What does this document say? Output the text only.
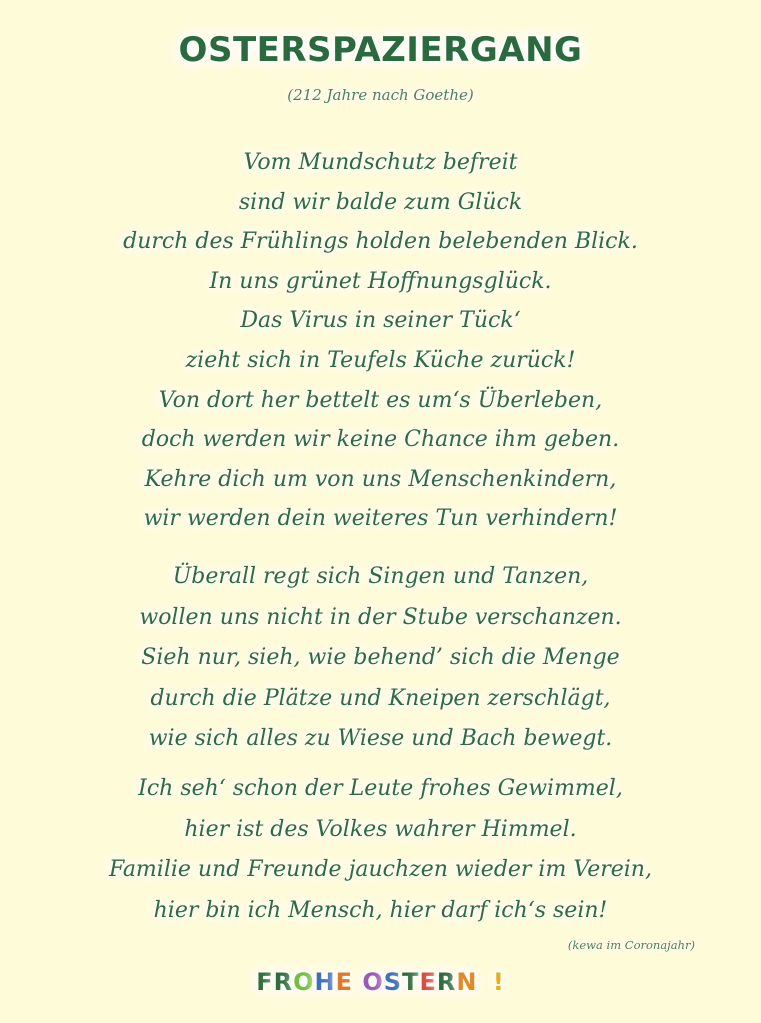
OSTERSPAZIERGANG
(212 Jahre nach Goethe)
Vom Mundschutz befreit
sind wir balde zum Glück
durch des Frühlings holden belebenden Blick.
In uns grünet Hoffnungsglück.
Das Virus in seiner Tück‘
zieht sich in Teufels Küche zurück!
Von dort her bettelt es um‘s Überleben,
doch werden wir keine Chance ihm geben.
Kehre dich um von uns Menschenkindern,
wir werden dein weiteres Tun verhindern!
Überall regt sich Singen und Tanzen,
wollen uns nicht in der Stube verschanzen.
Sieh nur, sieh, wie behend’ sich die Menge
durch die Plätze und Kneipen zerschlägt,
wie sich alles zu Wiese und Bach bewegt.
Ich seh‘ schon der Leute frohes Gewimmel,
hier ist des Volkes wahrer Himmel.
Familie und Freunde jauchzen wieder im Verein,
hier bin ich Mensch, hier darf ich‘s sein!
(kewa im Coronajahr)
FROHE OSTERN !
